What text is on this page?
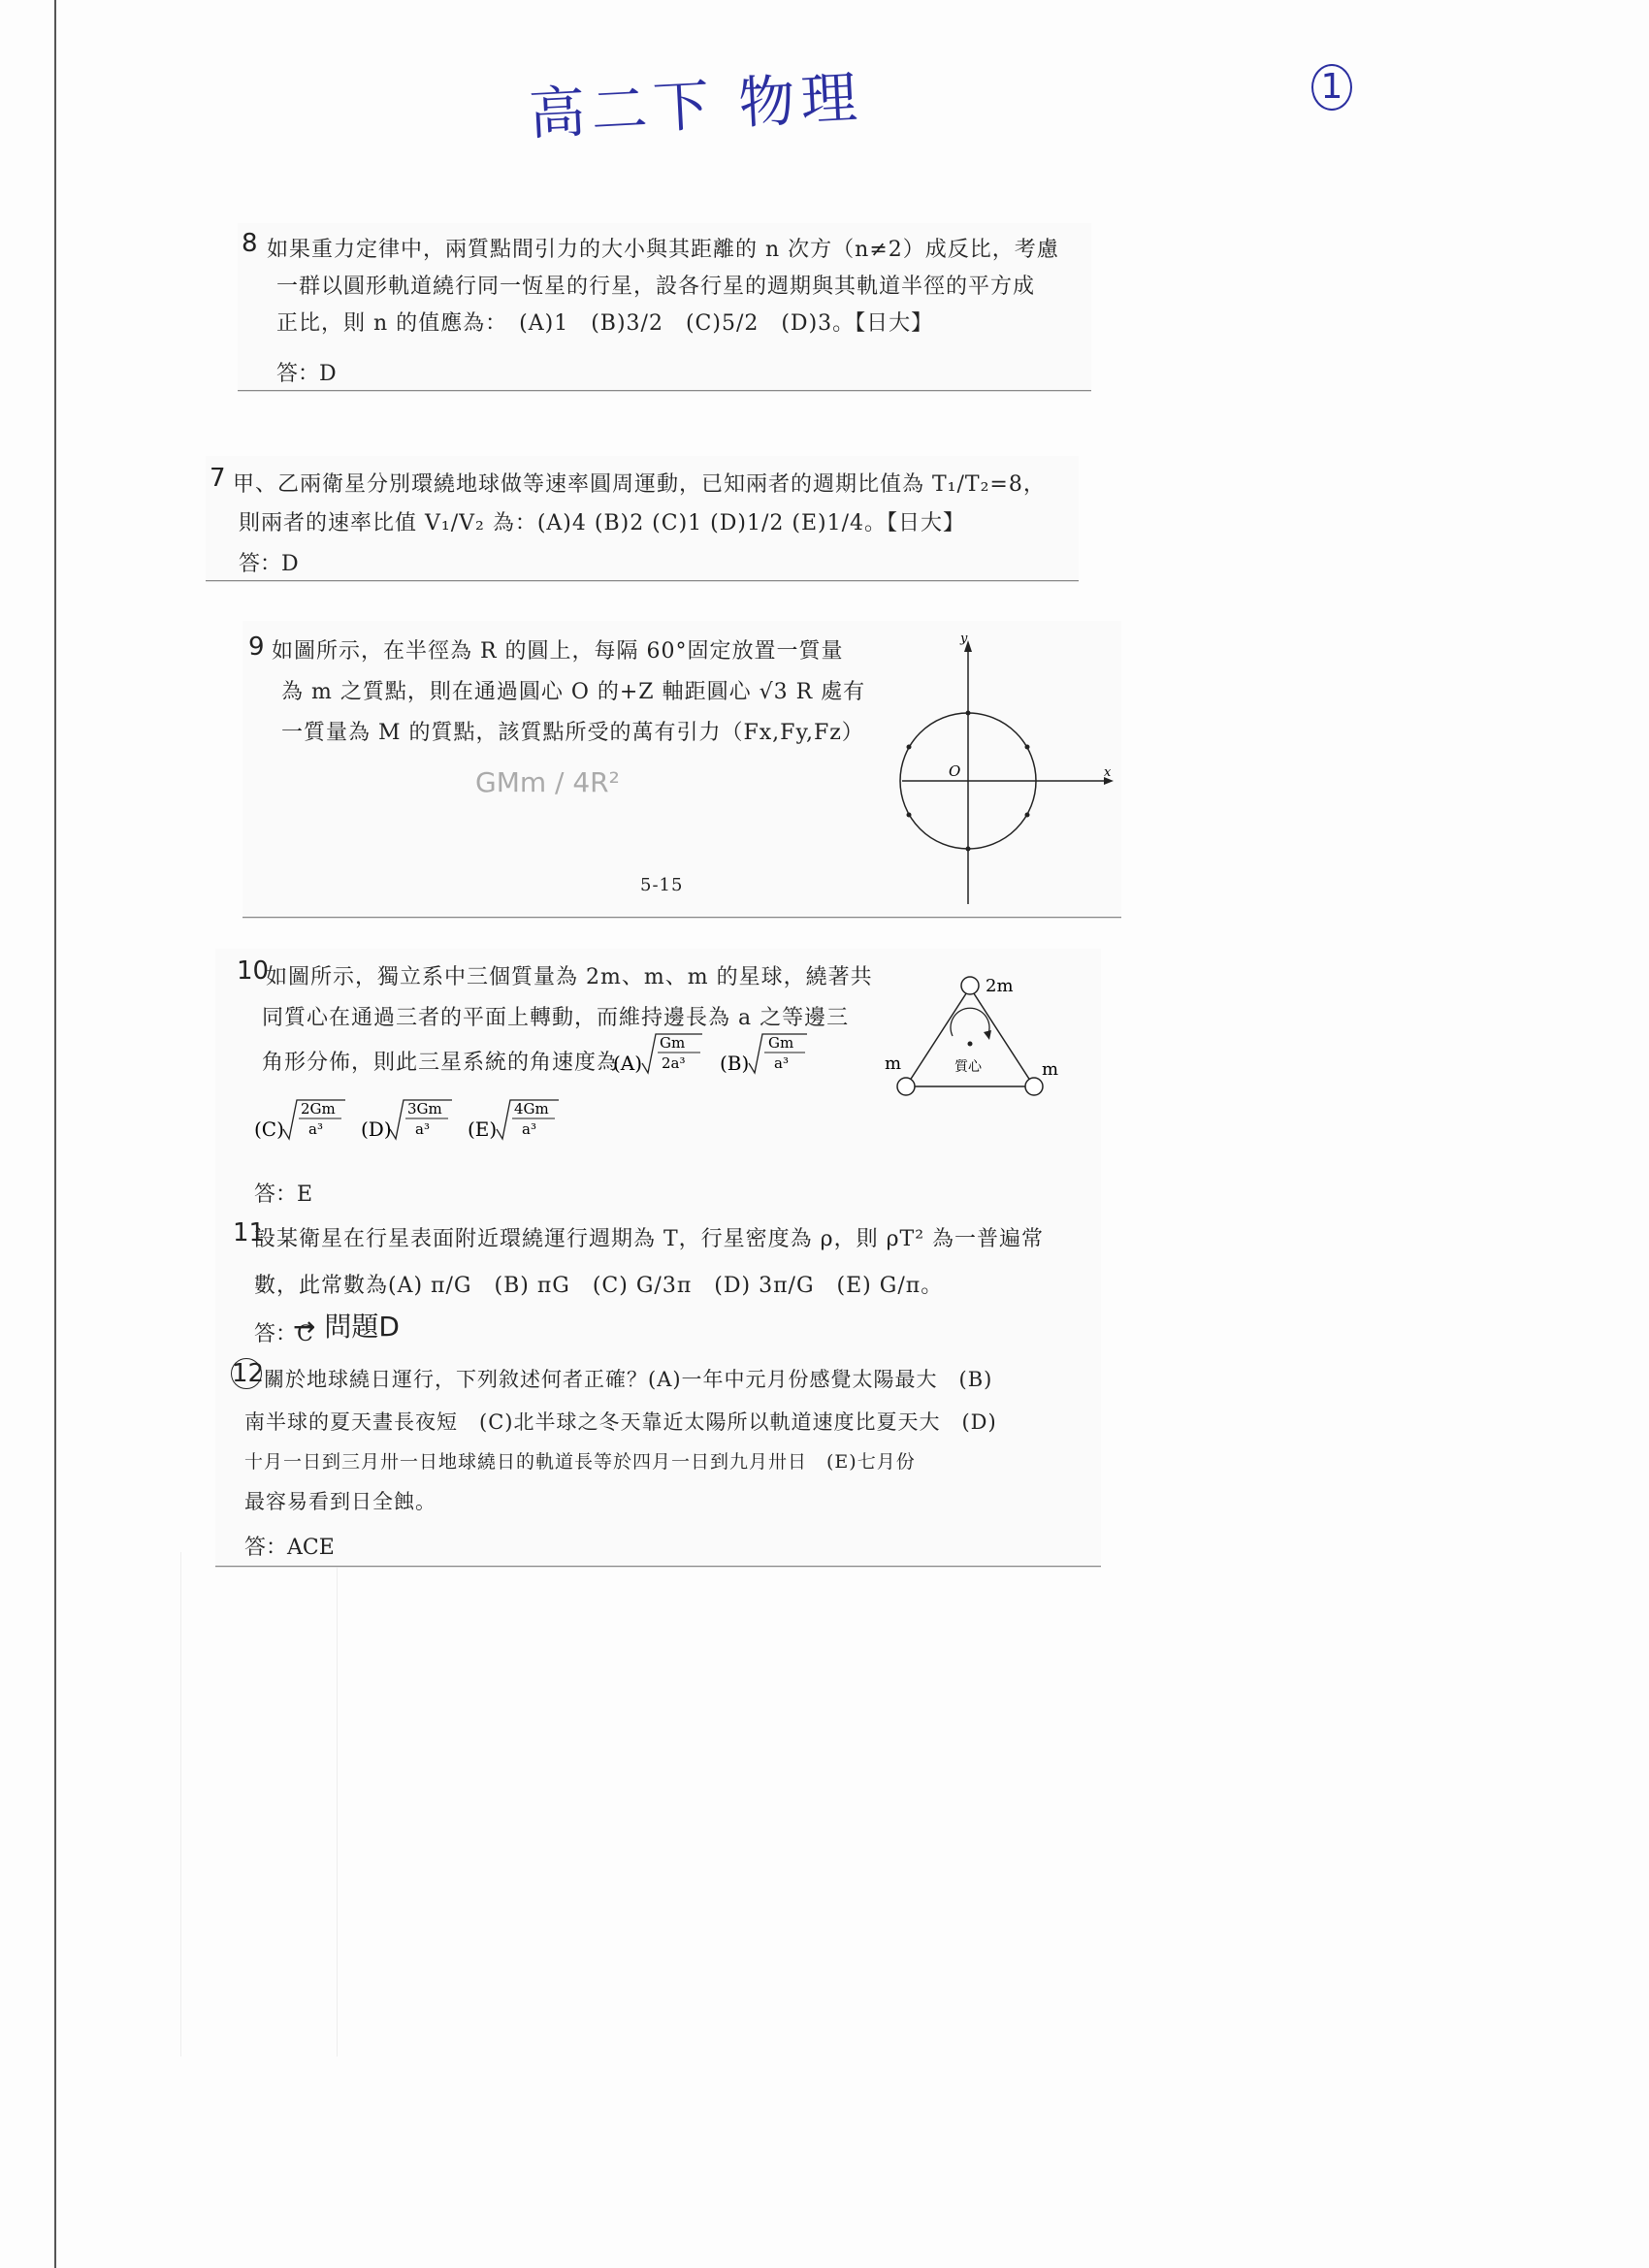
高二下 物理	1
8 如果重力定律中，兩質點間引力的大小與其距離的 n 次方（n≠2）成反比，考慮
一群以圓形軌道繞行同一恆星的行星，設各行星的週期與其軌道半徑的平方成
正比，則 n 的值應為：　(A)1　(B)3/2　(C)5/2　(D)3。【日大】
答：D
7 甲、乙兩衛星分別環繞地球做等速率圓周運動，已知兩者的週期比值為 T₁/T₂=8，
則兩者的速率比值 V₁/V₂ 為：(A)4 (B)2 (C)1 (D)1/2 (E)1/4。【日大】
答：D
9 如圖所示，在半徑為 R 的圓上，每隔 60°固定放置一質量
為 m 之質點，則在通過圓心 O 的+Z 軸距圓心 √3 R 處有
一質量為 M 的質點，該質點所受的萬有引力（Fx,Fy,Fz）
GMm / 4R²
5-15
y
x
O
10
如圖所示，獨立系中三個質量為 2m、m、m 的星球，繞著共
同質心在通過三者的平面上轉動，而維持邊長為 a 之等邊三
角形分佈，則此三星系統的角速度為
(A)
Gm
2a³ (B)
Gm
a³
(C)
2Gm
a³ (D)
3Gm
a³ (E)
4Gm
a³
2m
m	m
質心
答：E
11
設某衛星在行星表面附近環繞運行週期為 T，行星密度為 ρ，則 ρT² 為一普遍常
數，此常數為(A) π/G　(B) πG　(C) G/3π　(D) 3π/G　(E) G/π。
答：C
→ 問題D
12 關於地球繞日運行，下列敘述何者正確？(A)一年中元月份感覺太陽最大　(B)
南半球的夏天晝長夜短　(C)北半球之冬天靠近太陽所以軌道速度比夏天大　(D)
十月一日到三月卅一日地球繞日的軌道長等於四月一日到九月卅日　(E)七月份
最容易看到日全蝕。
答：ACE
